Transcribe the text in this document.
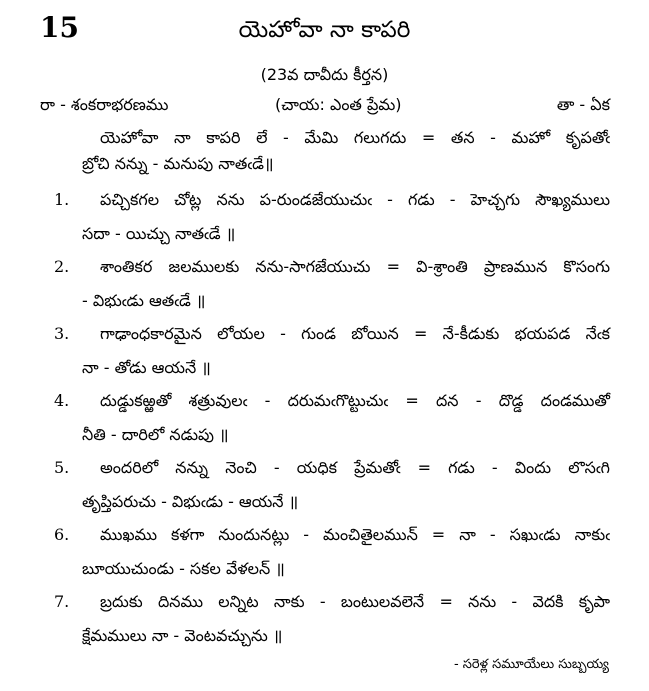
15	యెహోవా నా కాపరి
(23వ దావీదు కీర్తన)
రా - శంకరాభరణము	(చాయ: ఎంత ప్రేమ)	తా - ఏక
యెహోవా నా కాపరి లే - మేమి గలుగదు = తన - మహో కృపతోఁ
బ్రోచి నన్ను - మనుపు నాతఁడే॥
1. పచ్చికగల చోట్ల నను ప-రుండజేయుచుఁ - గడు - హెచ్చగు సౌఖ్యములు
సదా - యిచ్చు నాతఁడే ॥
2. శాంతికర జలములకు నను-సాగజేయుచు = వి-శ్రాంతి ప్రాణమున కొసంగు
- విభుఁడు ఆతఁడే ॥
3. గాఢాంధకారమైన లోయల - గుండ బోయిన = నే-కీడుకు భయపడ నేఁక
నా - తోడు ఆయనే ॥
4. దుడ్డుకఱ్ఱతో శత్రువులఁ - దరుమఁగొట్టుచుఁ = దన - దొడ్డ దండముతో
నీతి - దారిలో నడుపు ॥
5. అందరిలో నన్ను నెంచి - యధిక ప్రేమతోఁ = గడు - విందు లొసఁగి
తృప్తిపరుచు - విభుఁడు - ఆయనే ॥
6. ముఖము కళగా నుందునట్లు - మంచితైలమున్ = నా - సఖుఁడు నాకుఁ
బూయుచుండు - సకల వేళలన్ ॥
7. బ్రదుకు దినము లన్నిట నాకు - బంటులవలెనే = నను - వెదకి కృపా
క్షేమములు నా - వెంటవచ్చును ॥
- సరెళ్ల సమూయేలు సుబ్బయ్య
